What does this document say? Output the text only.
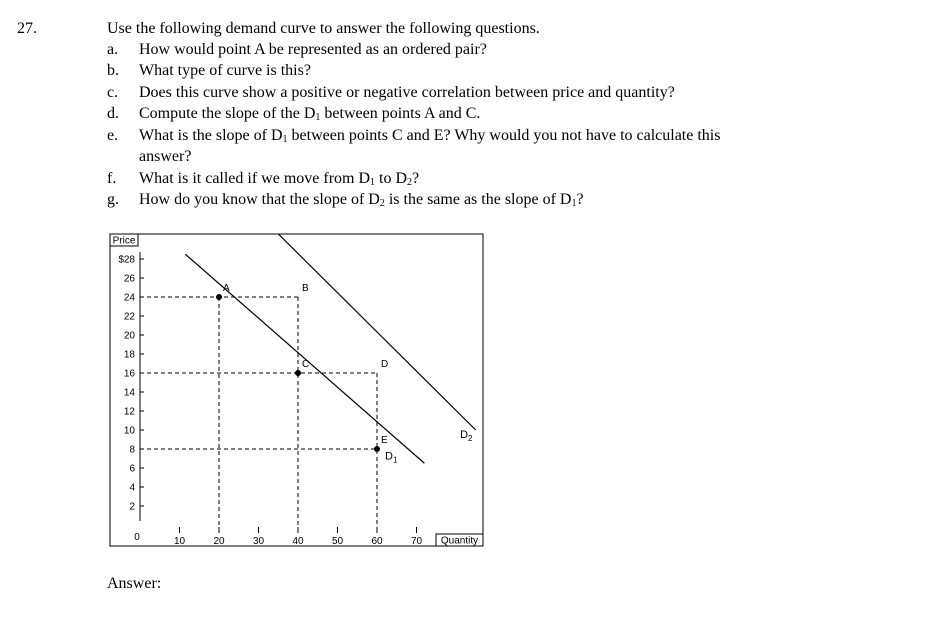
27.	Use the following demand curve to answer the following questions.
a.	How would point A be represented as an ordered pair?
b.	What type of curve is this?
c.	Does this curve show a positive or negative correlation between price and quantity?
d.	Compute the slope of the $D_1$ between points A and C.
e.	What is the slope of $D_1$ between points C and E? Why would you not have to calculate this
answer?
f.	What is it called if we move from $D_1$ to $D_2$?
g.	How do you know that the slope of $D_2$ is the same as the slope of $D_1$?
2
4
6
8
10
12
14
16
18
20
22
24
26
$28
10	20	30	40	50	60	70
$D_1$
$D_2$
A	B
C	D
E
Price
Quantity
0
Answer:
